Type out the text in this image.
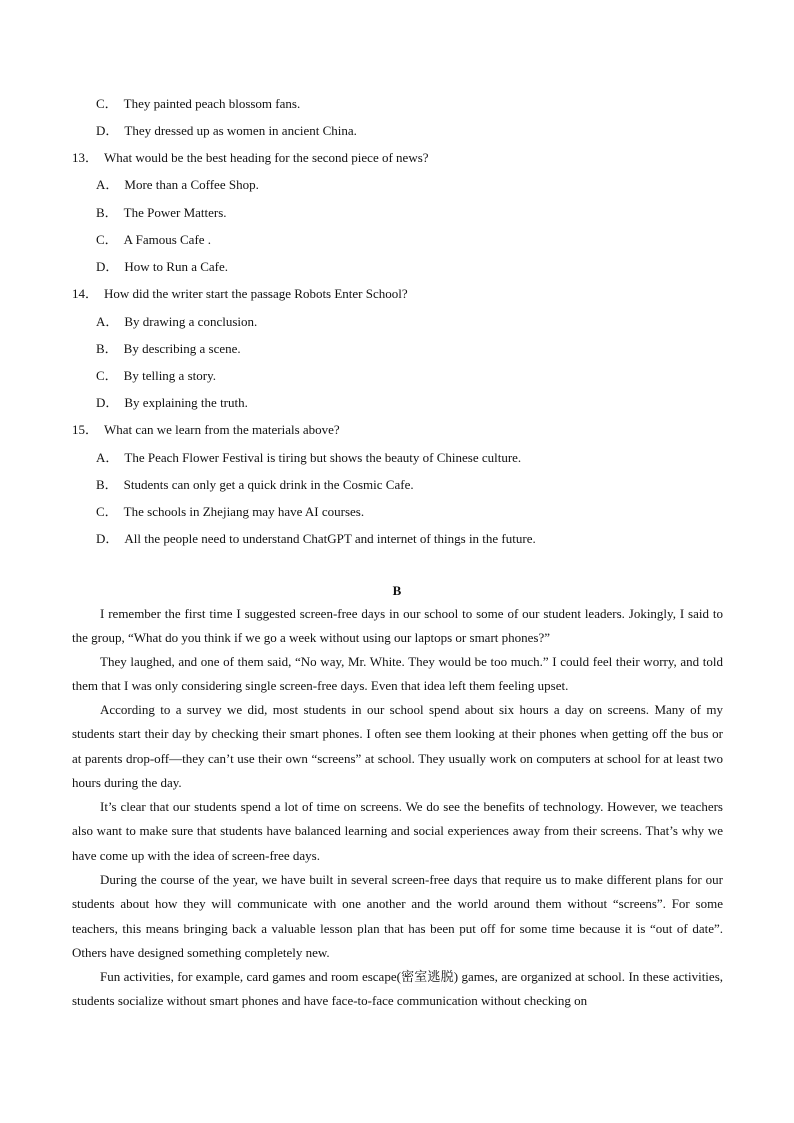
C． They painted peach blossom fans.
D． They dressed up as women in ancient China.
13． What would be the best heading for the second piece of news?
A． More than a Coffee Shop.
B． The Power Matters.
C． A Famous Cafe .
D． How to Run a Cafe.
14． How did the writer start the passage Robots Enter School?
A． By drawing a conclusion.
B． By describing a scene.
C． By telling a story.
D． By explaining the truth.
15． What can we learn from the materials above?
A． The Peach Flower Festival is tiring but shows the beauty of Chinese culture.
B． Students can only get a quick drink in the Cosmic Cafe.
C． The schools in Zhejiang may have AI courses.
D． All the people need to understand ChatGPT and internet of things in the future.
B

I remember the first time I suggested screen-free days in our school to some of our student leaders. Jokingly, I said to the group, “What do you think if we go a week without using our laptops or smart phones?”

They laughed, and one of them said, “No way, Mr. White. They would be too much.” I could feel their worry, and told them that I was only considering single screen-free days. Even that idea left them feeling upset.

According to a survey we did, most students in our school spend about six hours a day on screens. Many of my students start their day by checking their smart phones. I often see them looking at their phones when getting off the bus or at parents drop-off—they can’t use their own “screens” at school. They usually work on computers at school for at least two hours during the day.

It’s clear that our students spend a lot of time on screens. We do see the benefits of technology. However, we teachers also want to make sure that students have balanced learning and social experiences away from their screens. That’s why we have come up with the idea of screen-free days.

During the course of the year, we have built in several screen-free days that require us to make different plans for our students about how they will communicate with one another and the world around them without “screens”. For some teachers, this means bringing back a valuable lesson plan that has been put off for some time because it is “out of date”. Others have designed something completely new.

Fun activities, for example, card games and room escape(密室逃脱) games, are organized at school. In these activities, students socialize without smart phones and have face-to-face communication without checking on
